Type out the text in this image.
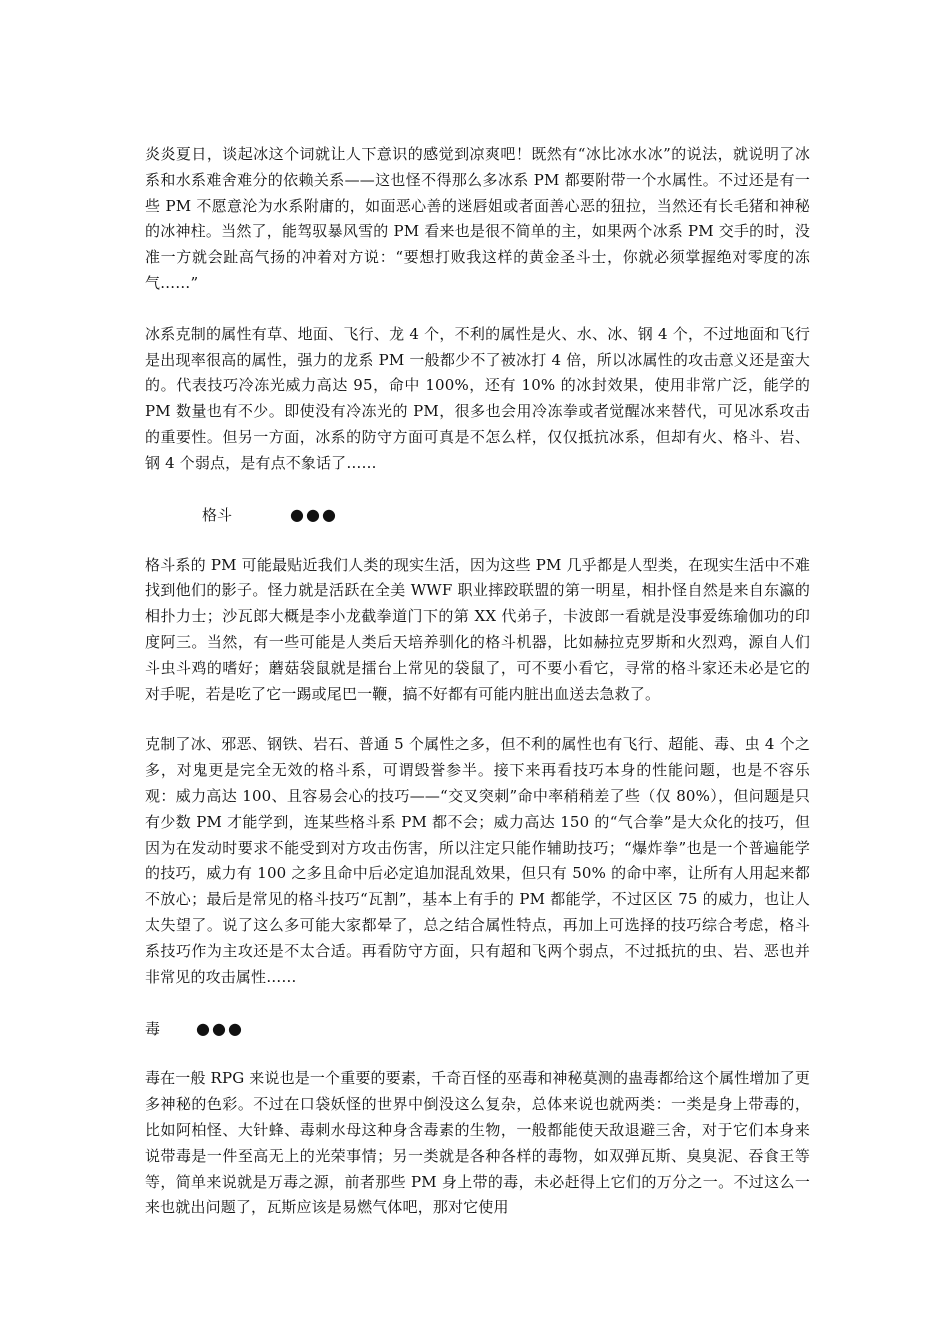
炎炎夏日，谈起冰这个词就让人下意识的感觉到凉爽吧！既然有“冰比冰水冰”的说法，就说明了冰系和水系难舍难分的依赖关系——这也怪不得那么多冰系 PM 都要附带一个水属性。不过还是有一些 PM 不愿意沦为水系附庸的，如面恶心善的迷唇姐或者面善心恶的狃拉，当然还有长毛猪和神秘的冰神柱。当然了，能驾驭暴风雪的 PM 看来也是很不简单的主，如果两个冰系 PM 交手的时，没准一方就会趾高气扬的冲着对方说：“要想打败我这样的黄金圣斗士，你就必须掌握绝对零度的冻气……”

冰系克制的属性有草、地面、飞行、龙 4 个，不利的属性是火、水、冰、钢 4 个，不过地面和飞行是出现率很高的属性，强力的龙系 PM 一般都少不了被冰打 4 倍，所以冰属性的攻击意义还是蛮大的。代表技巧冷冻光威力高达 95，命中 100%，还有 10% 的冰封效果，使用非常广泛，能学的 PM 数量也有不少。即使没有冷冻光的 PM，很多也会用冷冻拳或者觉醒冰来替代，可见冰系攻击的重要性。但另一方面，冰系的防守方面可真是不怎么样，仅仅抵抗冰系，但却有火、格斗、岩、钢 4 个弱点，是有点不象话了……

格斗	●●●

格斗系的 PM 可能最贴近我们人类的现实生活，因为这些 PM 几乎都是人型类，在现实生活中不难找到他们的影子。怪力就是活跃在全美 WWF 职业摔跤联盟的第一明星，相扑怪自然是来自东瀛的相扑力士；沙瓦郎大概是李小龙截拳道门下的第 XX 代弟子，卡波郎一看就是没事爱练瑜伽功的印度阿三。当然，有一些可能是人类后天培养驯化的格斗机器，比如赫拉克罗斯和火烈鸡，源自人们斗虫斗鸡的嗜好；蘑菇袋鼠就是擂台上常见的袋鼠了，可不要小看它，寻常的格斗家还未必是它的对手呢，若是吃了它一踢或尾巴一鞭，搞不好都有可能内脏出血送去急救了。

克制了冰、邪恶、钢铁、岩石、普通 5 个属性之多，但不利的属性也有飞行、超能、毒、虫 4 个之多，对鬼更是完全无效的格斗系，可谓毁誉参半。接下来再看技巧本身的性能问题，也是不容乐观：威力高达 100、且容易会心的技巧——“交叉突刺”命中率稍稍差了些（仅 80%），但问题是只有少数 PM 才能学到，连某些格斗系 PM 都不会；威力高达 150 的“气合拳”是大众化的技巧，但因为在发动时要求不能受到对方攻击伤害，所以注定只能作辅助技巧；“爆炸拳”也是一个普遍能学的技巧，威力有 100 之多且命中后必定追加混乱效果，但只有 50% 的命中率，让所有人用起来都不放心；最后是常见的格斗技巧“瓦割”，基本上有手的 PM 都能学，不过区区 75 的威力，也让人太失望了。说了这么多可能大家都晕了，总之结合属性特点，再加上可选择的技巧综合考虑，格斗系技巧作为主攻还是不太合适。再看防守方面，只有超和飞两个弱点，不过抵抗的虫、岩、恶也并非常见的攻击属性……

毒 ●●●

毒在一般 RPG 来说也是一个重要的要素，千奇百怪的巫毒和神秘莫测的蛊毒都给这个属性增加了更多神秘的色彩。不过在口袋妖怪的世界中倒没这么复杂，总体来说也就两类：一类是身上带毒的，比如阿柏怪、大针蜂、毒刺水母这种身含毒素的生物，一般都能使天敌退避三舍，对于它们本身来说带毒是一件至高无上的光荣事情；另一类就是各种各样的毒物，如双弹瓦斯、臭臭泥、吞食王等等，简单来说就是万毒之源，前者那些 PM 身上带的毒，未必赶得上它们的万分之一。不过这么一来也就出问题了，瓦斯应该是易燃气体吧，那对它使用
